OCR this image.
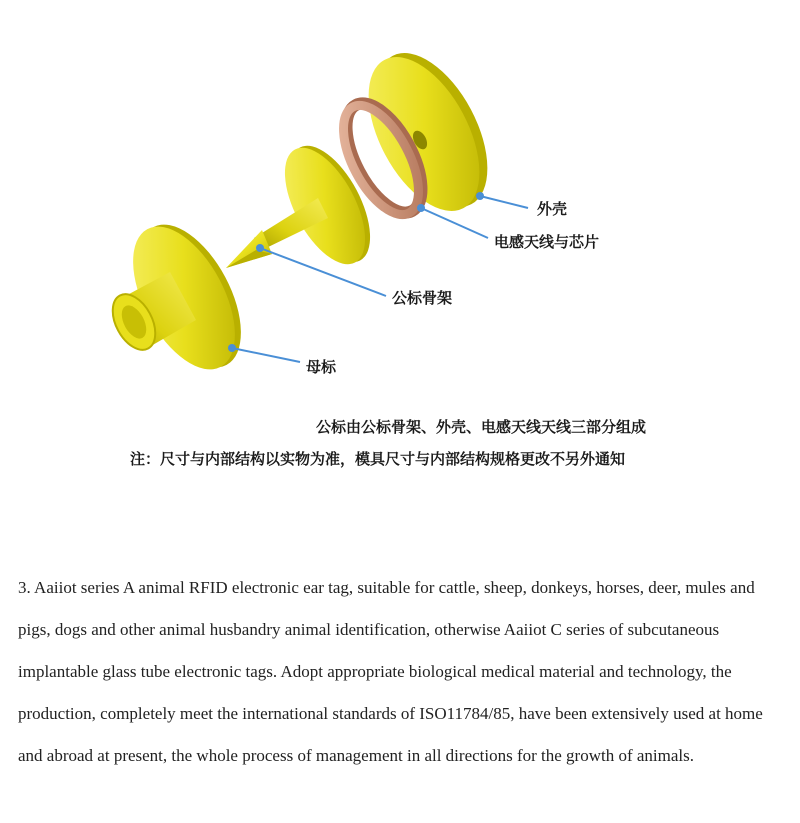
外壳
电感天线与芯片
公标骨架
母标
公标由公标骨架、外壳、电感天线天线三部分组成
注：尺寸与内部结构以实物为准，模具尺寸与内部结构规格更改不另外通知

3. Aaiiot series A animal RFID electronic ear tag, suitable for cattle, sheep, donkeys, horses, deer, mules and pigs, dogs and other animal husbandry animal identification, otherwise Aaiiot C series of subcutaneous implantable glass tube electronic tags. Adopt appropriate biological medical material and technology, the production, completely meet the international standards of ISO11784/85, have been extensively used at home and abroad at present, the whole process of management in all directions for the growth of animals.
